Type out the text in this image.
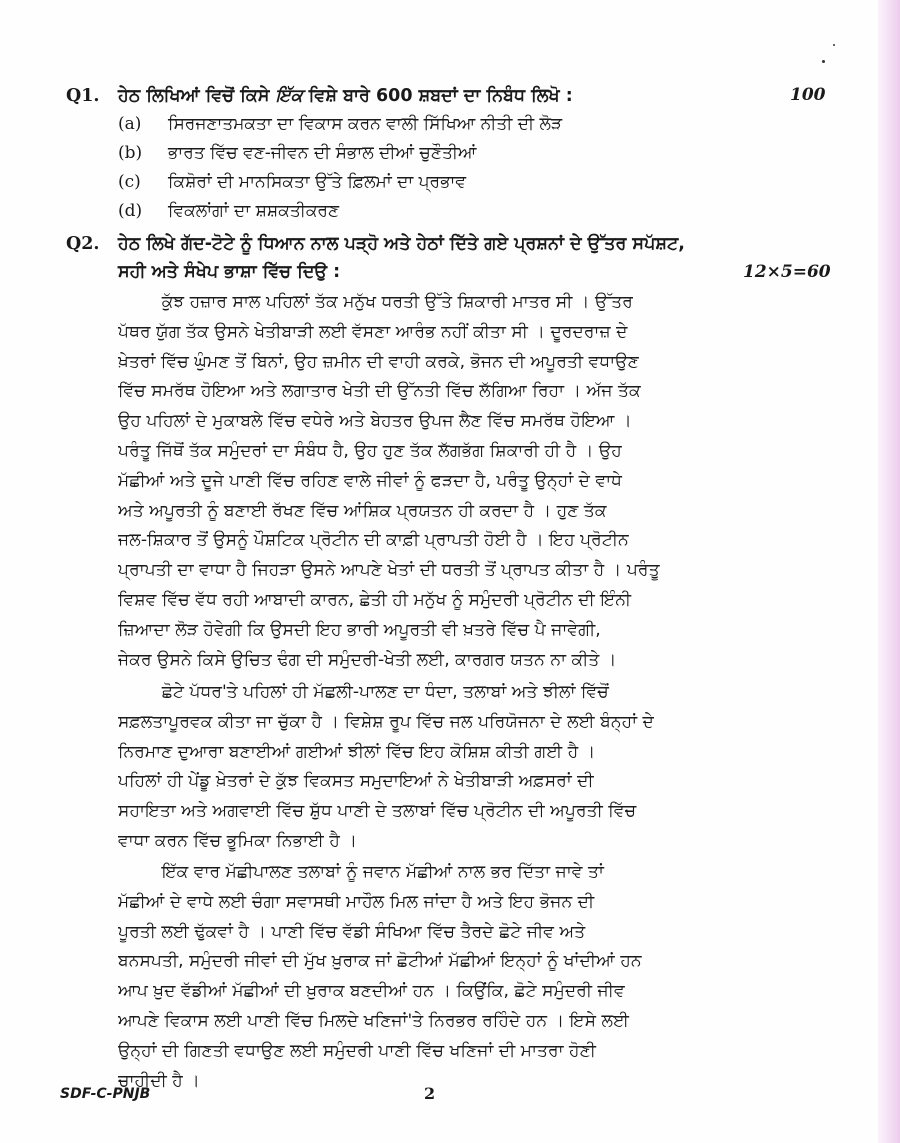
Q1. ਹੇਠ ਲਿਖਿਆਂ ਵਿਚੋਂ ਕਿਸੇ ਇੱਕ ਵਿਸ਼ੇ ਬਾਰੇ 600 ਸ਼ਬਦਾਂ ਦਾ ਨਿਬੰਧ ਲਿਖੋ :	100
(a) ਸਿਰਜਣਾਤਮਕਤਾ ਦਾ ਵਿਕਾਸ ਕਰਨ ਵਾਲੀ ਸਿੱਖਿਆ ਨੀਤੀ ਦੀ ਲੋੜ
(b) ਭਾਰਤ ਵਿੱਚ ਵਣ-ਜੀਵਨ ਦੀ ਸੰਭਾਲ ਦੀਆਂ ਚੁਣੌਤੀਆਂ
(c) ਕਿਸ਼ੋਰਾਂ ਦੀ ਮਾਨਸਿਕਤਾ ਉੱਤੇ ਫ਼ਿਲਮਾਂ ਦਾ ਪ੍ਰਭਾਵ
(d) ਵਿਕਲਾਂਗਾਂ ਦਾ ਸ਼ਸ਼ਕਤੀਕਰਣ
Q2. ਹੇਠ ਲਿਖੇ ਗੱਦ-ਟੋਟੇ ਨੂੰ ਧਿਆਨ ਨਾਲ ਪੜ੍ਹੋ ਅਤੇ ਹੇਠਾਂ ਦਿੱਤੇ ਗਏ ਪ੍ਰਸ਼ਨਾਂ ਦੇ ਉੱਤਰ ਸਪੱਸ਼ਟ,
ਸਹੀ ਅਤੇ ਸੰਖੇਪ ਭਾਸ਼ਾ ਵਿੱਚ ਦਿਉ :	12×5=60
ਕੁੱਝ ਹਜ਼ਾਰ ਸਾਲ ਪਹਿਲਾਂ ਤੱਕ ਮਨੁੱਖ ਧਰਤੀ ਉੱਤੇ ਸ਼ਿਕਾਰੀ ਮਾਤਰ ਸੀ । ਉੱਤਰ
ਪੱਥਰ ਯੁੱਗ ਤੱਕ ਉਸਨੇ ਖੇਤੀਬਾੜੀ ਲਈ ਵੱਸਣਾ ਆਰੰਭ ਨਹੀਂ ਕੀਤਾ ਸੀ । ਦੂਰਦਰਾਜ਼ ਦੇ
ਖ਼ੇਤਰਾਂ ਵਿੱਚ ਘੁੰਮਣ ਤੋਂ ਬਿਨਾਂ, ਉਹ ਜ਼ਮੀਨ ਦੀ ਵਾਹੀ ਕਰਕੇ, ਭੋਜਨ ਦੀ ਅਪੂਰਤੀ ਵਧਾਉਣ
ਵਿੱਚ ਸਮਰੱਥ ਹੋਇਆ ਅਤੇ ਲਗਾਤਾਰ ਖੇਤੀ ਦੀ ਉੱਨਤੀ ਵਿੱਚ ਲੱਗਿਆ ਰਿਹਾ । ਅੱਜ ਤੱਕ
ਉਹ ਪਹਿਲਾਂ ਦੇ ਮੁਕਾਬਲੇ ਵਿੱਚ ਵਧੇਰੇ ਅਤੇ ਬੇਹਤਰ ਉਪਜ ਲੈਣ ਵਿੱਚ ਸਮਰੱਥ ਹੋਇਆ ।
ਪਰੰਤੂ ਜਿੱਥੋਂ ਤੱਕ ਸਮੁੰਦਰਾਂ ਦਾ ਸੰਬੰਧ ਹੈ, ਉਹ ਹੁਣ ਤੱਕ ਲੱਗਭੱਗ ਸ਼ਿਕਾਰੀ ਹੀ ਹੈ । ਉਹ
ਮੱਛੀਆਂ ਅਤੇ ਦੂਜੇ ਪਾਣੀ ਵਿੱਚ ਰਹਿਣ ਵਾਲੇ ਜੀਵਾਂ ਨੂੰ ਫੜਦਾ ਹੈ, ਪਰੰਤੂ ਉਨ੍ਹਾਂ ਦੇ ਵਾਧੇ
ਅਤੇ ਅਪੂਰਤੀ ਨੂੰ ਬਣਾਈ ਰੱਖਣ ਵਿੱਚ ਆਂਸ਼ਿਕ ਪ੍ਰਯਤਨ ਹੀ ਕਰਦਾ ਹੈ । ਹੁਣ ਤੱਕ
ਜਲ-ਸ਼ਿਕਾਰ ਤੋਂ ਉਸਨੂੰ ਪੌਸ਼ਟਿਕ ਪ੍ਰੋਟੀਨ ਦੀ ਕਾਫ਼ੀ ਪ੍ਰਾਪਤੀ ਹੋਈ ਹੈ । ਇਹ ਪ੍ਰੋਟੀਨ
ਪ੍ਰਾਪਤੀ ਦਾ ਵਾਧਾ ਹੈ ਜਿਹੜਾ ਉਸਨੇ ਆਪਣੇ ਖੇਤਾਂ ਦੀ ਧਰਤੀ ਤੋਂ ਪ੍ਰਾਪਤ ਕੀਤਾ ਹੈ । ਪਰੰਤੂ
ਵਿਸ਼ਵ ਵਿੱਚ ਵੱਧ ਰਹੀ ਆਬਾਦੀ ਕਾਰਨ, ਛੇਤੀ ਹੀ ਮਨੁੱਖ ਨੂੰ ਸਮੁੰਦਰੀ ਪ੍ਰੋਟੀਨ ਦੀ ਇੰਨੀ
ਜ਼ਿਆਦਾ ਲੋੜ ਹੋਵੇਗੀ ਕਿ ਉਸਦੀ ਇਹ ਭਾਰੀ ਅਪੂਰਤੀ ਵੀ ਖ਼ਤਰੇ ਵਿੱਚ ਪੈ ਜਾਵੇਗੀ,
ਜੇਕਰ ਉਸਨੇ ਕਿਸੇ ਉਚਿਤ ਢੰਗ ਦੀ ਸਮੁੰਦਰੀ-ਖੇਤੀ ਲਈ, ਕਾਰਗਰ ਯਤਨ ਨਾ ਕੀਤੇ ।
ਛੋਟੇ ਪੱਧਰ'ਤੇ ਪਹਿਲਾਂ ਹੀ ਮੱਛਲੀ-ਪਾਲਣ ਦਾ ਧੰਦਾ, ਤਲਾਬਾਂ ਅਤੇ ਝੀਲਾਂ ਵਿੱਚੋਂ
ਸਫ਼ਲਤਾਪੂਰਵਕ ਕੀਤਾ ਜਾ ਚੁੱਕਾ ਹੈ । ਵਿਸ਼ੇਸ਼ ਰੂਪ ਵਿੱਚ ਜਲ ਪਰਿਯੋਜਨਾ ਦੇ ਲਈ ਬੰਨ੍ਹਾਂ ਦੇ
ਨਿਰਮਾਣ ਦੁਆਰਾ ਬਣਾਈਆਂ ਗਈਆਂ ਝੀਲਾਂ ਵਿੱਚ ਇਹ ਕੋਸ਼ਿਸ਼ ਕੀਤੀ ਗਈ ਹੈ ।
ਪਹਿਲਾਂ ਹੀ ਪੇਂਡੂ ਖ਼ੇਤਰਾਂ ਦੇ ਕੁੱਝ ਵਿਕਸਤ ਸਮੁਦਾਇਆਂ ਨੇ ਖੇਤੀਬਾੜੀ ਅਫ਼ਸਰਾਂ ਦੀ
ਸਹਾਇਤਾ ਅਤੇ ਅਗਵਾਈ ਵਿੱਚ ਸ਼ੁੱਧ ਪਾਣੀ ਦੇ ਤਲਾਬਾਂ ਵਿੱਚ ਪ੍ਰੋਟੀਨ ਦੀ ਅਪੂਰਤੀ ਵਿੱਚ
ਵਾਧਾ ਕਰਨ ਵਿੱਚ ਭੂਮਿਕਾ ਨਿਭਾਈ ਹੈ ।
ਇੱਕ ਵਾਰ ਮੱਛੀਪਾਲਣ ਤਲਾਬਾਂ ਨੂੰ ਜਵਾਨ ਮੱਛੀਆਂ ਨਾਲ ਭਰ ਦਿੱਤਾ ਜਾਵੇ ਤਾਂ
ਮੱਛੀਆਂ ਦੇ ਵਾਧੇ ਲਈ ਚੰਗਾ ਸਵਾਸਥੀ ਮਾਹੌਲ ਮਿਲ ਜਾਂਦਾ ਹੈ ਅਤੇ ਇਹ ਭੋਜਨ ਦੀ
ਪੂਰਤੀ ਲਈ ਢੁੱਕਵਾਂ ਹੈ । ਪਾਣੀ ਵਿੱਚ ਵੱਡੀ ਸੰਖਿਆ ਵਿੱਚ ਤੈਰਦੇ ਛੋਟੇ ਜੀਵ ਅਤੇ
ਬਨਸਪਤੀ, ਸਮੁੰਦਰੀ ਜੀਵਾਂ ਦੀ ਮੁੱਖ ਖ਼ੁਰਾਕ ਜਾਂ ਛੋਟੀਆਂ ਮੱਛੀਆਂ ਇਨ੍ਹਾਂ ਨੂੰ ਖਾਂਦੀਆਂ ਹਨ
ਆਪ ਖ਼ੁਦ ਵੱਡੀਆਂ ਮੱਛੀਆਂ ਦੀ ਖ਼ੁਰਾਕ ਬਣਦੀਆਂ ਹਨ । ਕਿਉਂਕਿ, ਛੋਟੇ ਸਮੁੰਦਰੀ ਜੀਵ
ਆਪਣੇ ਵਿਕਾਸ ਲਈ ਪਾਣੀ ਵਿੱਚ ਮਿਲਦੇ ਖਣਿਜਾਂ'ਤੇ ਨਿਰਭਰ ਰਹਿੰਦੇ ਹਨ । ਇਸੇ ਲਈ
ਉਨ੍ਹਾਂ ਦੀ ਗਿਣਤੀ ਵਧਾਉਣ ਲਈ ਸਮੁੰਦਰੀ ਪਾਣੀ ਵਿੱਚ ਖਣਿਜਾਂ ਦੀ ਮਾਤਰਾ ਹੋਣੀ
ਚਾਹੀਦੀ ਹੈ ।
SDF-C-PNJB	2
